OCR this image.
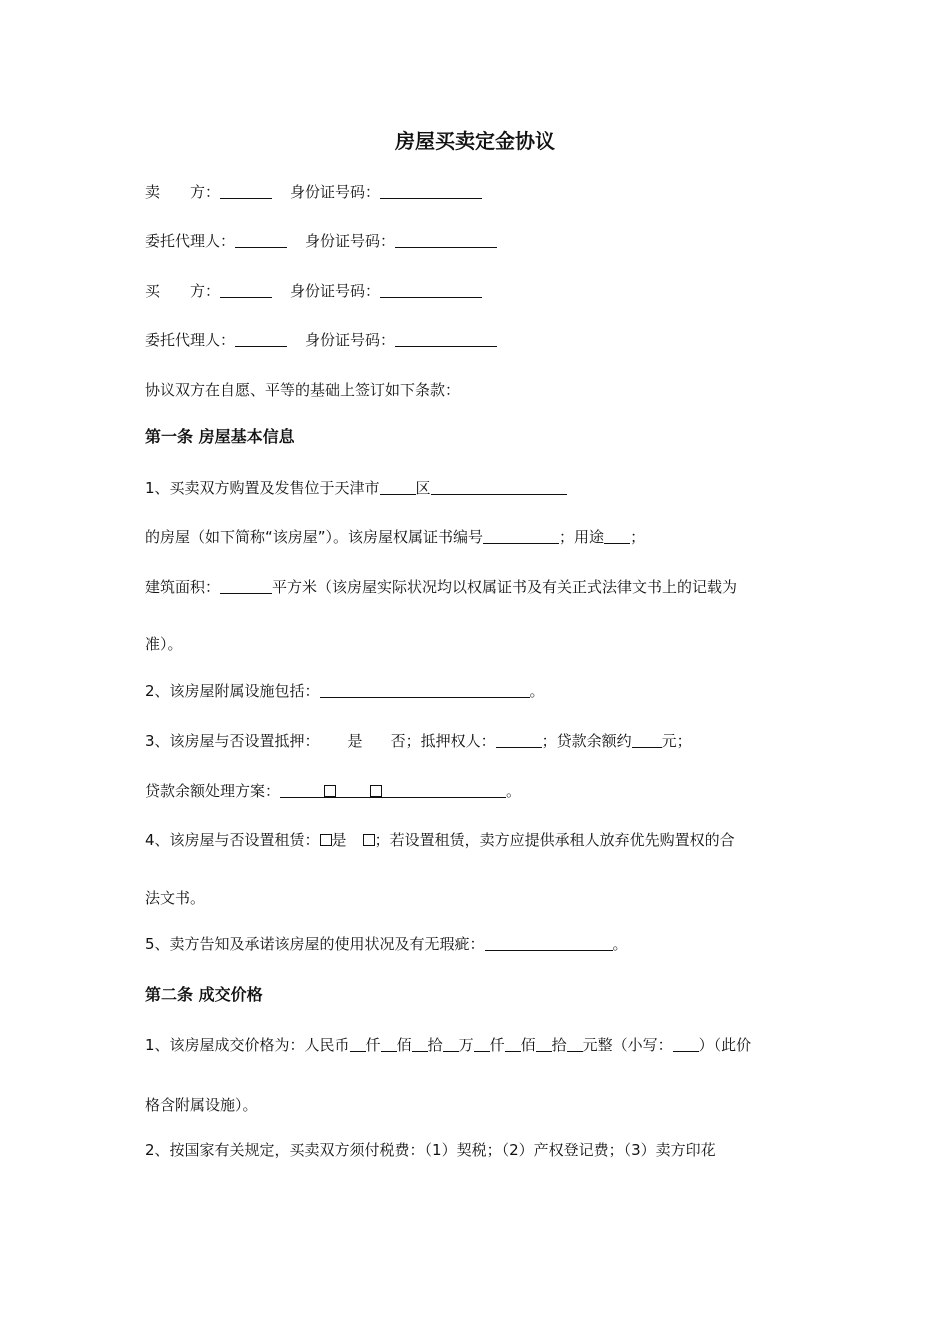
房屋买卖定金协议
卖　　方：	身份证号码：
委托代理人：	身份证号码：
买　　方：	身份证号码：
委托代理人：	身份证号码：
协议双方在自愿、平等的基础上签订如下条款：
第一条 房屋基本信息
1、买卖双方购置及发售位于天津市 区
的房屋（如下简称“该房屋”）。该房屋权属证书编号	；用途 ；
建筑面积：	平方米（该房屋实际状况均以权属证书及有关正式法律文书上的记载为
准）。
2、该房屋附属设施包括：	。
3、该房屋与否设置抵押： 是 否；抵押权人：	；贷款余额约 元；
贷款余额处理方案：	。
4、该房屋与否设置租赁： 是 ；若设置租赁，卖方应提供承租人放弃优先购置权的合
法文书。
5、卖方告知及承诺该房屋的使用状况及有无瑕疵：	。
第二条 成交价格
1、该房屋成交价格为：人民币 仟 佰 拾 万 仟 佰 拾 元整（小写： ）（此价
格含附属设施）。
2、按国家有关规定，买卖双方须付税费：（1）契税；（2）产权登记费；（3）卖方印花
